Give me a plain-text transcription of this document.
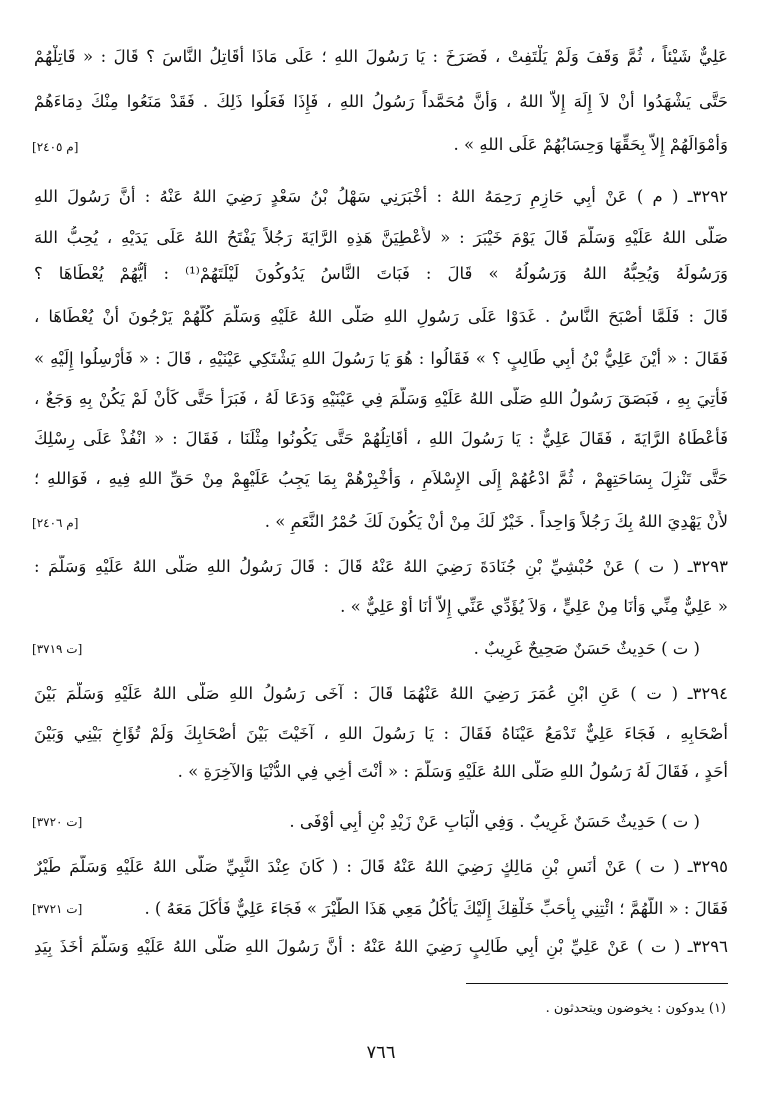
عَلِيٌّ شَيْئاً ، ثُمَّ وَقَفَ وَلَمْ يَلْتَفِتْ ، فَصَرَخَ : يَا رَسُولَ اللهِ ؛ عَلَى مَاذَا أُقَاتِلُ النَّاسَ ؟ قَالَ : « قَاتِلْهُمْ
حَتَّى يَشْهَدُوا أَنْ لاَ إِلَهَ إِلاَّ اللهُ ، وَأَنَّ مُحَمَّداً رَسُولُ اللهِ ، فَإِذَا فَعَلُوا ذَلِكَ . فَقَدْ مَنَعُوا مِنْكَ دِمَاءَهُمْ
وَأَمْوَالَهُمْ إِلاَّ بِحَقِّهَا وَحِسَابُهُمْ عَلَى اللهِ » .
[م ٢٤٠٥]
٣٢٩٢ـ ( م ) عَنْ أَبِي حَازِمٍ رَحِمَهُ اللهُ : أَخْبَرَنِي سَهْلُ بْنُ سَعْدٍ رَضِيَ اللهُ عَنْهُ : أَنَّ رَسُولَ اللهِ
صَلَّى اللهُ عَلَيْهِ وَسَلَّمَ قَالَ يَوْمَ خَيْبَرَ : « لأُعْطِيَنَّ هَذِهِ الرَّايَةَ رَجُلاً يَفْتَحُ اللهُ عَلَى يَدَيْهِ ، يُحِبُّ اللهَ
وَرَسُولَهُ وَيُحِبُّهُ اللهُ وَرَسُولُهُ » قَالَ : فَبَاتَ النَّاسُ يَدُوكُونَ لَيْلَتَهُمْ⁽¹⁾ : أَيُّهُمْ يُعْطَاهَا ؟
قَالَ : فَلَمَّا أَصْبَحَ النَّاسُ . غَدَوْا عَلَى رَسُولِ اللهِ صَلَّى اللهُ عَلَيْهِ وَسَلَّمَ كُلُّهُمْ يَرْجُونَ أَنْ يُعْطَاهَا ،
فَقَالَ : « أَيْنَ عَلِيُّ بْنُ أَبِي طَالِبٍ ؟ » فَقَالُوا : هُوَ يَا رَسُولَ اللهِ يَشْتَكِي عَيْنَيْهِ ، قَالَ : « فَأَرْسِلُوا إِلَيْهِ »
فَأُتِيَ بِهِ ، فَبَصَقَ رَسُولُ اللهِ صَلَّى اللهُ عَلَيْهِ وَسَلَّمَ فِي عَيْنَيْهِ وَدَعَا لَهُ ، فَبَرَأَ حَتَّى كَأَنْ لَمْ يَكُنْ بِهِ وَجَعٌ ،
فَأَعْطَاهُ الرَّايَةَ ، فَقَالَ عَلِيٌّ : يَا رَسُولَ اللهِ ، أُقَاتِلُهُمْ حَتَّى يَكُونُوا مِثْلَنَا ، فَقَالَ : « انْفُذْ عَلَى رِسْلِكَ
حَتَّى تَنْزِلَ بِسَاحَتِهِمْ ، ثُمَّ ادْعُهُمْ إِلَى الإِسْلاَمِ ، وَأَخْبِرْهُمْ بِمَا يَجِبُ عَلَيْهِمْ مِنْ حَقِّ اللهِ فِيهِ ، فَوَاللهِ ؛
لأَنْ يَهْدِيَ اللهُ بِكَ رَجُلاً وَاحِداً . خَيْرٌ لَكَ مِنْ أَنْ يَكُونَ لَكَ حُمْرُ النَّعَمِ » .
[م ٢٤٠٦]
٣٢٩٣ـ ( ت ) عَنْ حُبْشِيِّ بْنِ جُنَادَةَ رَضِيَ اللهُ عَنْهُ قَالَ : قَالَ رَسُولُ اللهِ صَلَّى اللهُ عَلَيْهِ وَسَلَّمَ :
« عَلِيٌّ مِنِّي وَأَنَا مِنْ عَلِيٍّ ، وَلاَ يُؤَدِّي عَنِّي إِلاَّ أَنَا أَوْ عَلِيٌّ » .
( ت ) حَدِيثٌ حَسَنٌ صَحِيحٌ غَرِيبٌ .
[ت ٣٧١٩]
٣٢٩٤ـ ( ت ) عَنِ ابْنِ عُمَرَ رَضِيَ اللهُ عَنْهُمَا قَالَ : آخَى رَسُولُ اللهِ صَلَّى اللهُ عَلَيْهِ وَسَلَّمَ بَيْنَ
أَصْحَابِهِ ، فَجَاءَ عَلِيٌّ تَدْمَعُ عَيْنَاهُ فَقَالَ : يَا رَسُولَ اللهِ ، آخَيْتَ بَيْنَ أَصْحَابِكَ وَلَمْ تُؤَاخِ بَيْنِي وَبَيْنَ
أَحَدٍ ، فَقَالَ لَهُ رَسُولُ اللهِ صَلَّى اللهُ عَلَيْهِ وَسَلَّمَ : « أَنْتَ أَخِي فِي الدُّنْيَا وَالآخِرَةِ » .
( ت ) حَدِيثٌ حَسَنٌ غَرِيبٌ . وَفِي الْبَابِ عَنْ زَيْدِ بْنِ أَبِي أَوْفَى .
[ت ٣٧٢٠]
٣٢٩٥ـ ( ت ) عَنْ أَنَسِ بْنِ مَالِكٍ رَضِيَ اللهُ عَنْهُ قَالَ : ( كَانَ عِنْدَ النَّبِيِّ صَلَّى اللهُ عَلَيْهِ وَسَلَّمَ طَيْرٌ
فَقَالَ : « اللَّهُمَّ ؛ ائْتِنِي بِأَحَبِّ خَلْقِكَ إِلَيْكَ يَأْكُلُ مَعِي هَذَا الطَّيْرَ » فَجَاءَ عَلِيٌّ فَأَكَلَ مَعَهُ ) .
[ت ٣٧٢١]
٣٢٩٦ـ ( ت ) عَنْ عَلِيِّ بْنِ أَبِي طَالِبٍ رَضِيَ اللهُ عَنْهُ : أَنَّ رَسُولَ اللهِ صَلَّى اللهُ عَلَيْهِ وَسَلَّمَ أَخَذَ بِيَدِ
(١) يدوكون : يخوضون ويتحدثون .
٧٦٦
